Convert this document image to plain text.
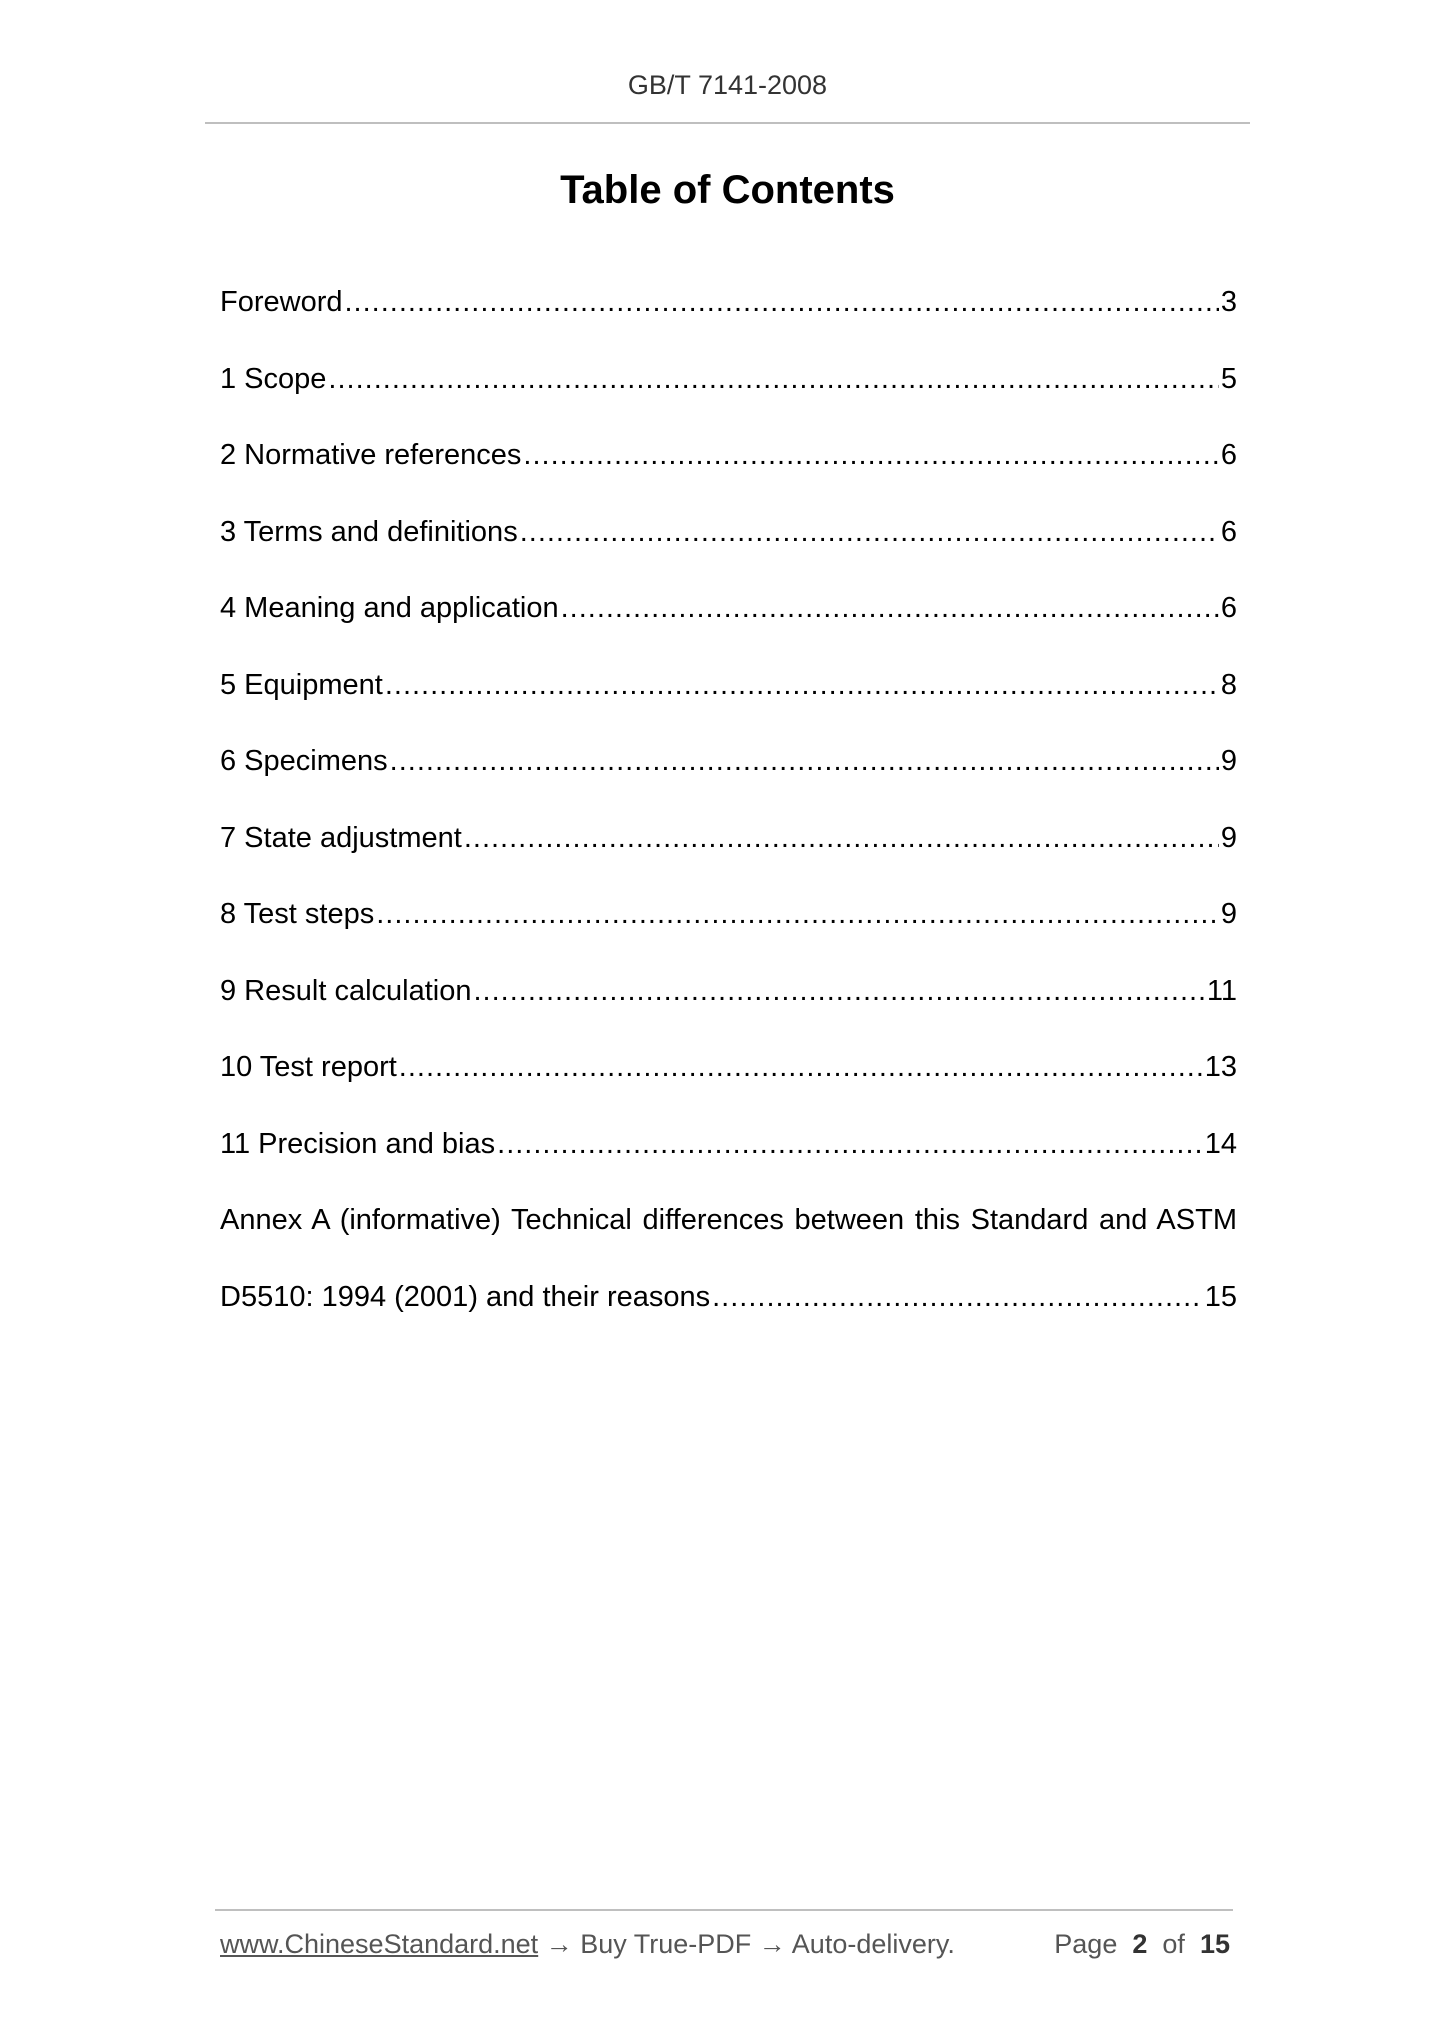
GB/T 7141-2008
Table of Contents
Foreword .....	3
1 Scope .....	5
2 Normative references .....	6
3 Terms and definitions .....	6
4 Meaning and application .....	6
5 Equipment .....	8
6 Specimens .....	9
7 State adjustment .....	9
8 Test steps .....	9
9 Result calculation .....	11
10 Test report .....	13
11 Precision and bias .....	14
Annex A (informative) Technical differences between this Standard and ASTM
D5510: 1994 (2001) and their reasons .....	15
www.ChineseStandard.net → Buy True-PDF → Auto-delivery.	Page 2 of 15
